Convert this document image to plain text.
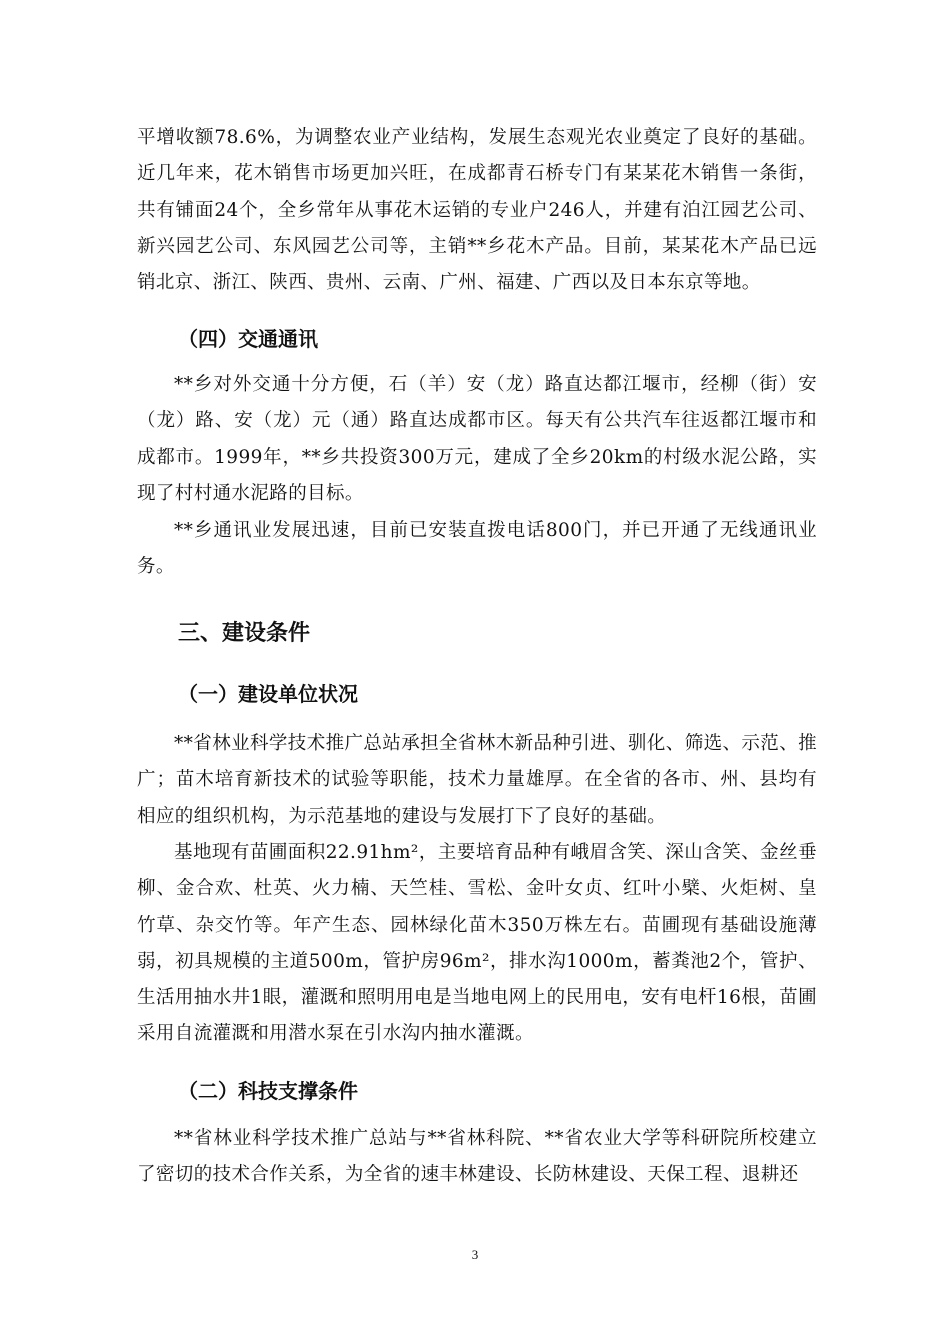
平增收额78.6%，为调整农业产业结构，发展生态观光农业奠定了良好的基础。近几年来，花木销售市场更加兴旺，在成都青石桥专门有某某花木销售一条街，共有铺面24个，全乡常年从事花木运销的专业户246人，并建有泊江园艺公司、新兴园艺公司、东风园艺公司等，主销**乡花木产品。目前，某某花木产品已远销北京、浙江、陕西、贵州、云南、广州、福建、广西以及日本东京等地。

（四）交通通讯

**乡对外交通十分方便，石（羊）安（龙）路直达都江堰市，经柳（街）安（龙）路、安（龙）元（通）路直达成都市区。每天有公共汽车往返都江堰市和成都市。1999年，**乡共投资300万元，建成了全乡20km的村级水泥公路，实现了村村通水泥路的目标。

**乡通讯业发展迅速，目前已安装直拨电话800门，并已开通了无线通讯业务。

三、建设条件
（一）建设单位状况

**省林业科学技术推广总站承担全省林木新品种引进、驯化、筛选、示范、推广；苗木培育新技术的试验等职能，技术力量雄厚。在全省的各市、州、县均有相应的组织机构，为示范基地的建设与发展打下了良好的基础。

基地现有苗圃面积22.91hm²，主要培育品种有峨眉含笑、深山含笑、金丝垂柳、金合欢、杜英、火力楠、天竺桂、雪松、金叶女贞、红叶小檗、火炬树、皇竹草、杂交竹等。年产生态、园林绿化苗木350万株左右。苗圃现有基础设施薄弱，初具规模的主道500m，管护房96m²，排水沟1000m，蓄粪池2个，管护、生活用抽水井1眼，灌溉和照明用电是当地电网上的民用电，安有电杆16根，苗圃采用自流灌溉和用潜水泵在引水沟内抽水灌溉。

（二）科技支撑条件

**省林业科学技术推广总站与**省林科院、**省农业大学等科研院所校建立了密切的技术合作关系，为全省的速丰林建设、长防林建设、天保工程、退耕还

3
